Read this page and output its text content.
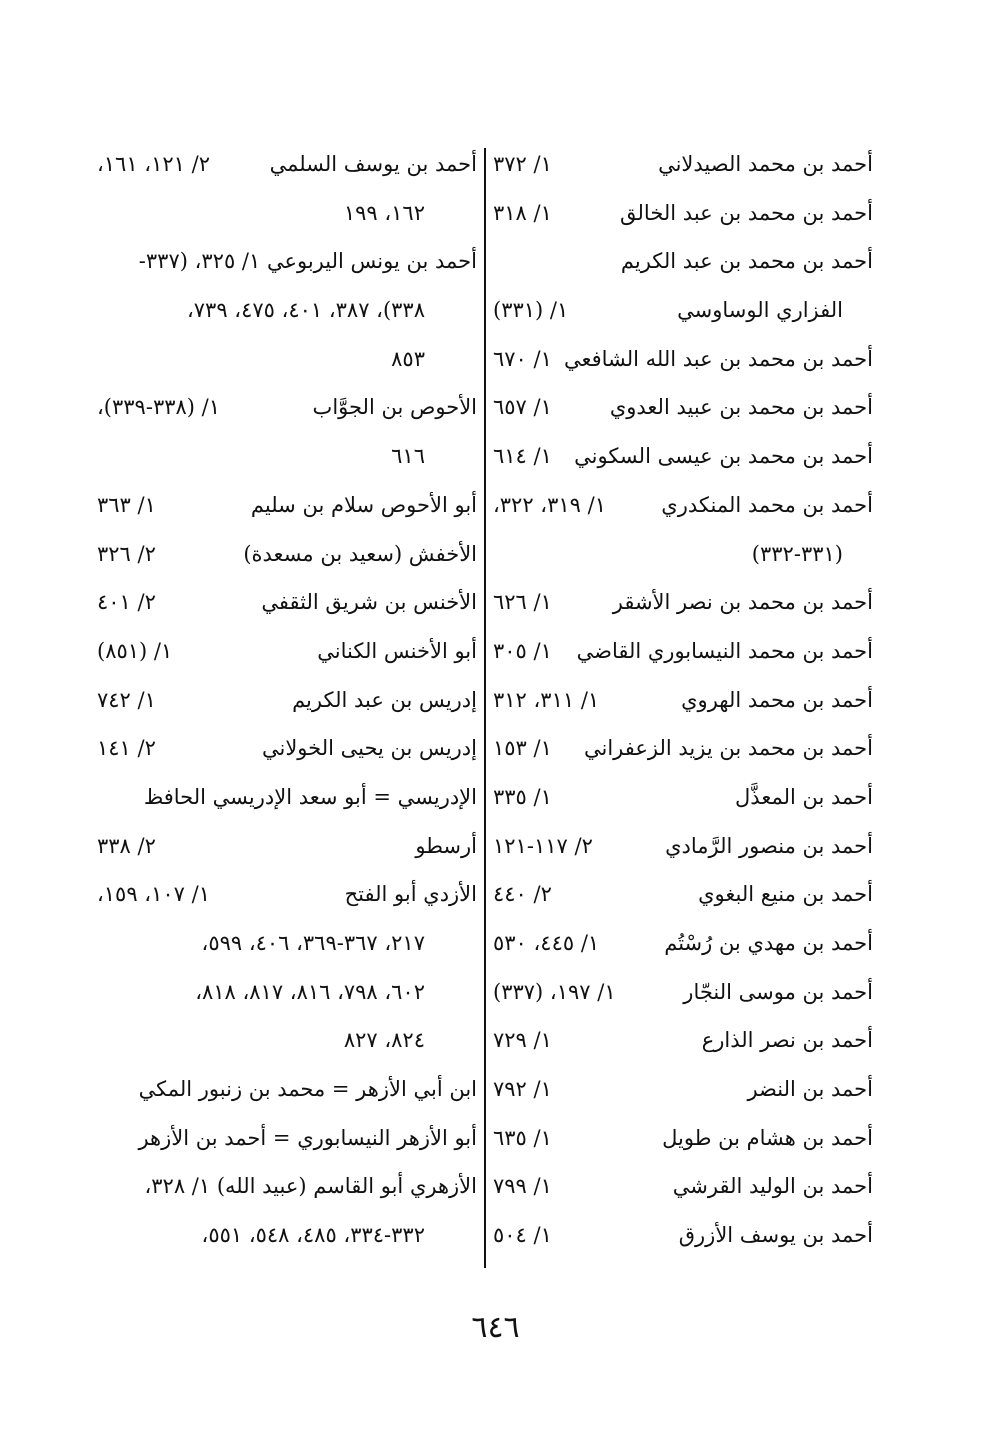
أحمد بن محمد الصيدلاني
١/ ٣٧٢
أحمد بن محمد بن عبد الخالق
١/ ٣١٨
أحمد بن محمد بن عبد الكريم
الفزاري الوساوسي
١/ (٣٣١)
أحمد بن محمد بن عبد الله الشافعي
١/ ٦٧٠
أحمد بن محمد بن عبيد العدوي
١/ ٦٥٧
أحمد بن محمد بن عيسى السكوني
١/ ٦١٤
أحمد بن محمد المنكدري
١/ ٣١٩، ٣٢٢،
(٣٣١-٣٣٢)
أحمد بن محمد بن نصر الأشقر
١/ ٦٢٦
أحمد بن محمد النيسابوري القاضي
١/ ٣٠٥
أحمد بن محمد الهروي
١/ ٣١١، ٣١٢
أحمد بن محمد بن يزيد الزعفراني
١/ ١٥٣
أحمد بن المعذَّل
١/ ٣٣٥
أحمد بن منصور الرَّمادي
٢/ ١١٧-١٢١
أحمد بن منيع البغوي
٢/ ٤٤٠
أحمد بن مهدي بن رُسْتُم
١/ ٤٤٥، ٥٣٠
أحمد بن موسى النجّار
١/ ١٩٧، (٣٣٧)
أحمد بن نصر الذارع
١/ ٧٢٩
أحمد بن النضر
١/ ٧٩٢
أحمد بن هشام بن طويل
١/ ٦٣٥
أحمد بن الوليد القرشي
١/ ٧٩٩
أحمد بن يوسف الأزرق
١/ ٥٠٤
أحمد بن يوسف السلمي
٢/ ١٢١، ١٦١،
١٦٢، ١٩٩
أحمد بن يونس اليربوعي ١/ ٣٢٥، (٣٣٧-
٣٣٨)، ٣٨٧، ٤٠١، ٤٧٥، ٧٣٩،
٨٥٣
الأحوص بن الجوَّاب
١/ (٣٣٨-٣٣٩)،
٦١٦
أبو الأحوص سلام بن سليم
١/ ٣٦٣
الأخفش (سعيد بن مسعدة)
٢/ ٣٢٦
الأخنس بن شريق الثقفي
٢/ ٤٠١
أبو الأخنس الكناني
١/ (٨٥١)
إدريس بن عبد الكريم
١/ ٧٤٢
إدريس بن يحيى الخولاني
٢/ ١٤١
الإدريسي = أبو سعد الإدريسي الحافظ
أرسطو
٢/ ٣٣٨
الأزدي أبو الفتح
١/ ١٠٧، ١٥٩،
٢١٧، ٣٦٧-٣٦٩، ٤٠٦، ٥٩٩،
٦٠٢، ٧٩٨، ٨١٦، ٨١٧، ٨١٨،
٨٢٤، ٨٢٧
ابن أبي الأزهر = محمد بن زنبور المكي
أبو الأزهر النيسابوري = أحمد بن الأزهر
الأزهري أبو القاسم (عبيد الله) ١/ ٣٢٨،
٣٣٢-٣٣٤، ٤٨٥، ٥٤٨، ٥٥١،
٦٤٦
